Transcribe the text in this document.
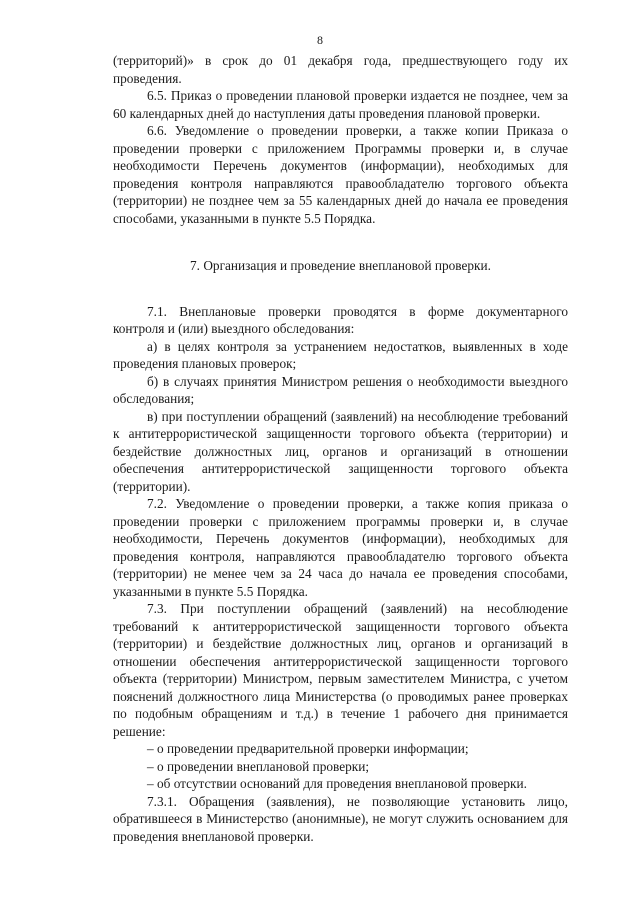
8

(территорий)» в срок до 01 декабря года, предшествующего году их проведения.

6.5. Приказ о проведении плановой проверки издается не позднее, чем за 60 календарных дней до наступления даты проведения плановой проверки.

6.6. Уведомление о проведении проверки, а также копии Приказа о проведении проверки с приложением Программы проверки и, в случае необходимости Перечень документов (информации), необходимых для проведения контроля направляются правообладателю торгового объекта (территории) не позднее чем за 55 календарных дней до начала ее проведения способами, указанными в пункте 5.5 Порядка.

7. Организация и проведение внеплановой проверки.

7.1. Внеплановые проверки проводятся в форме документарного контроля и (или) выездного обследования:

а) в целях контроля за устранением недостатков, выявленных в ходе проведения плановых проверок;

б) в случаях принятия Министром решения о необходимости выездного обследования;

в) при поступлении обращений (заявлений) на несоблюдение требований к антитеррористической защищенности торгового объекта (территории) и бездействие должностных лиц, органов и организаций в отношении обеспечения антитеррористической защищенности торгового объекта (территории).

7.2. Уведомление о проведении проверки, а также копия приказа о проведении проверки с приложением программы проверки и, в случае необходимости, Перечень документов (информации), необходимых для проведения контроля, направляются правообладателю торгового объекта (территории) не менее чем за 24 часа до начала ее проведения способами, указанными в пункте 5.5 Порядка.

7.3. При поступлении обращений (заявлений) на несоблюдение требований к антитеррористической защищенности торгового объекта (территории) и бездействие должностных лиц, органов и организаций в отношении обеспечения антитеррористической защищенности торгового объекта (территории) Министром, первым заместителем Министра, с учетом пояснений должностного лица Министерства (о проводимых ранее проверках по подобным обращениям и т.д.) в течение 1 рабочего дня принимается решение:

– о проведении предварительной проверки информации;

– о проведении внеплановой проверки;

– об отсутствии оснований для проведения внеплановой проверки.

7.3.1. Обращения (заявления), не позволяющие установить лицо, обратившееся в Министерство (анонимные), не могут служить основанием для проведения внеплановой проверки.
